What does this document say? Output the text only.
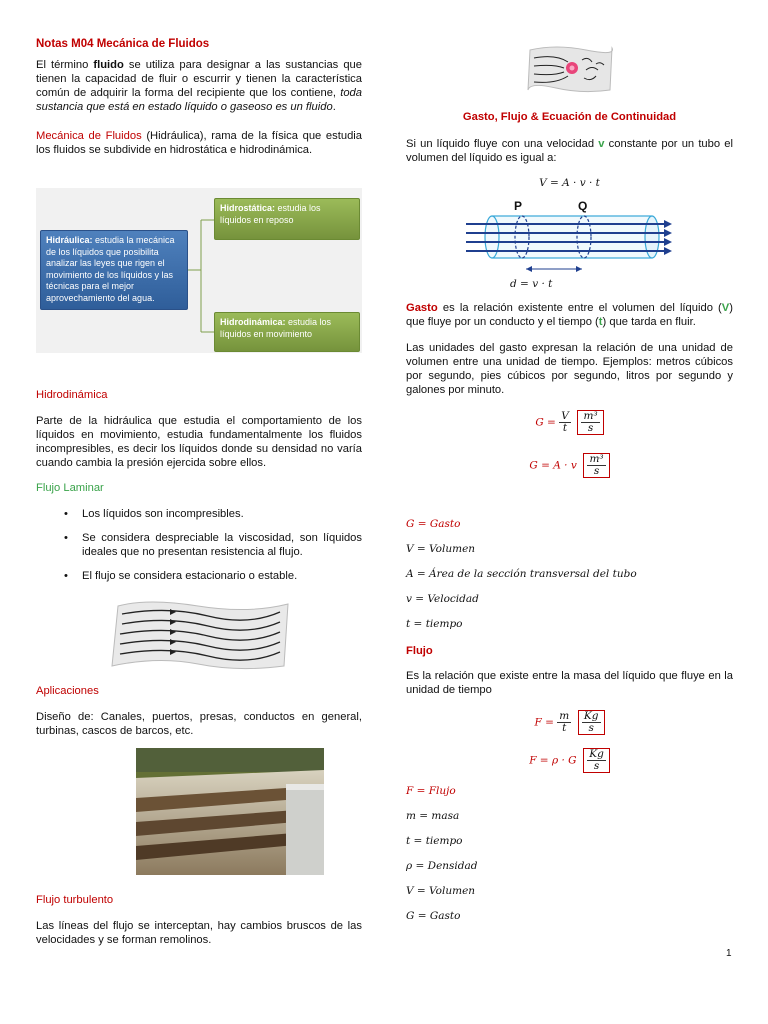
Notas M04 Mecánica de Fluidos

El término fluido se utiliza para designar a las sustancias que tienen la capacidad de fluir o escurrir y tienen la característica común de adquirir la forma del recipiente que los contiene, toda sustancia que está en estado líquido o gaseoso es un fluido.

Mecánica de Fluidos (Hidráulica), rama de la física que estudia los fluidos se subdivide en hidrostática e hidrodinámica.

Hidráulica: estudia la mecánica de los líquidos que posibilita analizar las leyes que rigen el movimiento de los líquidos y las técnicas para el mejor aprovechamiento del agua.
Hidrostática: estudia los líquidos en reposo
Hidrodinámica: estudia los líquidos en movimiento
Hidrodinámica

Parte de la hidráulica que estudia el comportamiento de los líquidos en movimiento, estudia fundamentalmente los fluidos incompresibles, es decir los líquidos donde su densidad no varía cuando cambia la presión ejercida sobre ellos.

Flujo Laminar
• Los líquidos son incompresibles.
• Se considera despreciable la viscosidad, son líquidos ideales que no presentan resistencia al flujo.
• El flujo se considera estacionario o estable.
Aplicaciones

Diseño de: Canales, puertos, presas, conductos en general, turbinas, cascos de barcos, etc.

Flujo turbulento

Las líneas del flujo se interceptan, hay cambios bruscos de las velocidades y se forman remolinos.

Gasto, Flujo & Ecuación de Continuidad

Si un líquido fluye con una velocidad v constante por un tubo el volumen del líquido es igual a:

V = A · v · t
P	Q
d = v · t

Gasto es la relación existente entre el volumen del líquido (V) que fluye por un conducto y el tiempo (t) que tarda en fluir.

Las unidades del gasto expresan la relación de una unidad de volumen entre una unidad de tiempo. Ejemplos: metros cúbicos por segundo, pies cúbicos por segundo, litros por segundo y galones por minuto.

$G = \frac{V}{t}$
$\frac{\text{m³}}{s}$
G = A · v $\frac{\text{m³}}{s}$
G = Gasto
V = Volumen
A = Área de la sección transversal del tubo
v = Velocidad
t = tiempo
Flujo

Es la relación que existe entre la masa del líquido que fluye en la unidad de tiempo

$F = \frac{m}{t}$
$\frac{Kg}{s}$
F = ρ · G $\frac{Kg}{s}$
F = Flujo
m = masa
t = tiempo
ρ = Densidad
V = Volumen
G = Gasto
1
